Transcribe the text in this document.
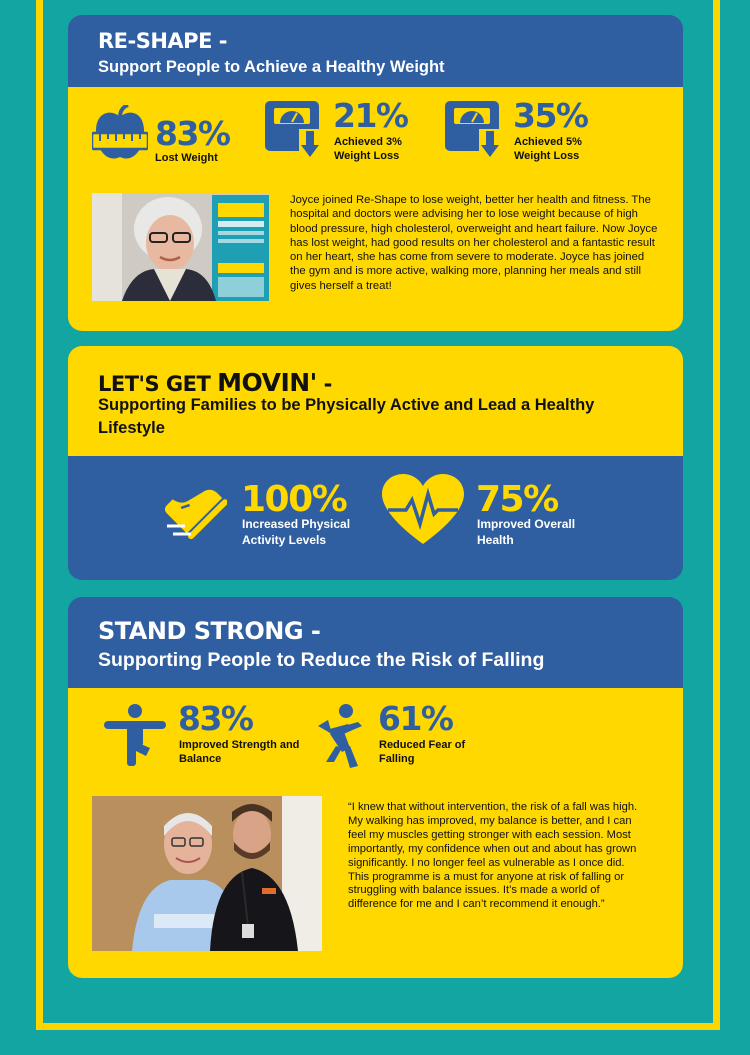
RE-SHAPE -
Support People to Achieve a Healthy Weight
83%
Lost Weight
21%
Achieved 3% Weight Loss
35%
Achieved 5% Weight Loss
Joyce joined Re-Shape to lose weight, better her health and fitness. The hospital and doctors were advising her to lose weight because of high blood pressure, high cholesterol, overweight and heart failure. Now Joyce has lost weight, had good results on her cholesterol and a fantastic result on her heart, she has come from severe to moderate. Joyce has joined the gym and is more active, walking more, planning her meals and still gives herself a treat!
LET'S GET MOVIN' -
Supporting Families to be Physically Active and Lead a Healthy Lifestyle
100%
Increased Physical Activity Levels
75%
Improved Overall Health
STAND STRONG -
Supporting People to Reduce the Risk of Falling
83%
Improved Strength and Balance
61%
Reduced Fear of Falling
“I knew that without intervention, the risk of a fall was high. My walking has improved, my balance is better, and I can feel my muscles getting stronger with each session. Most importantly, my confidence when out and about has grown significantly. I no longer feel as vulnerable as I once did. This programme is a must for anyone at risk of falling or struggling with balance issues. It’s made a world of difference for me and I can’t recommend it enough.”
